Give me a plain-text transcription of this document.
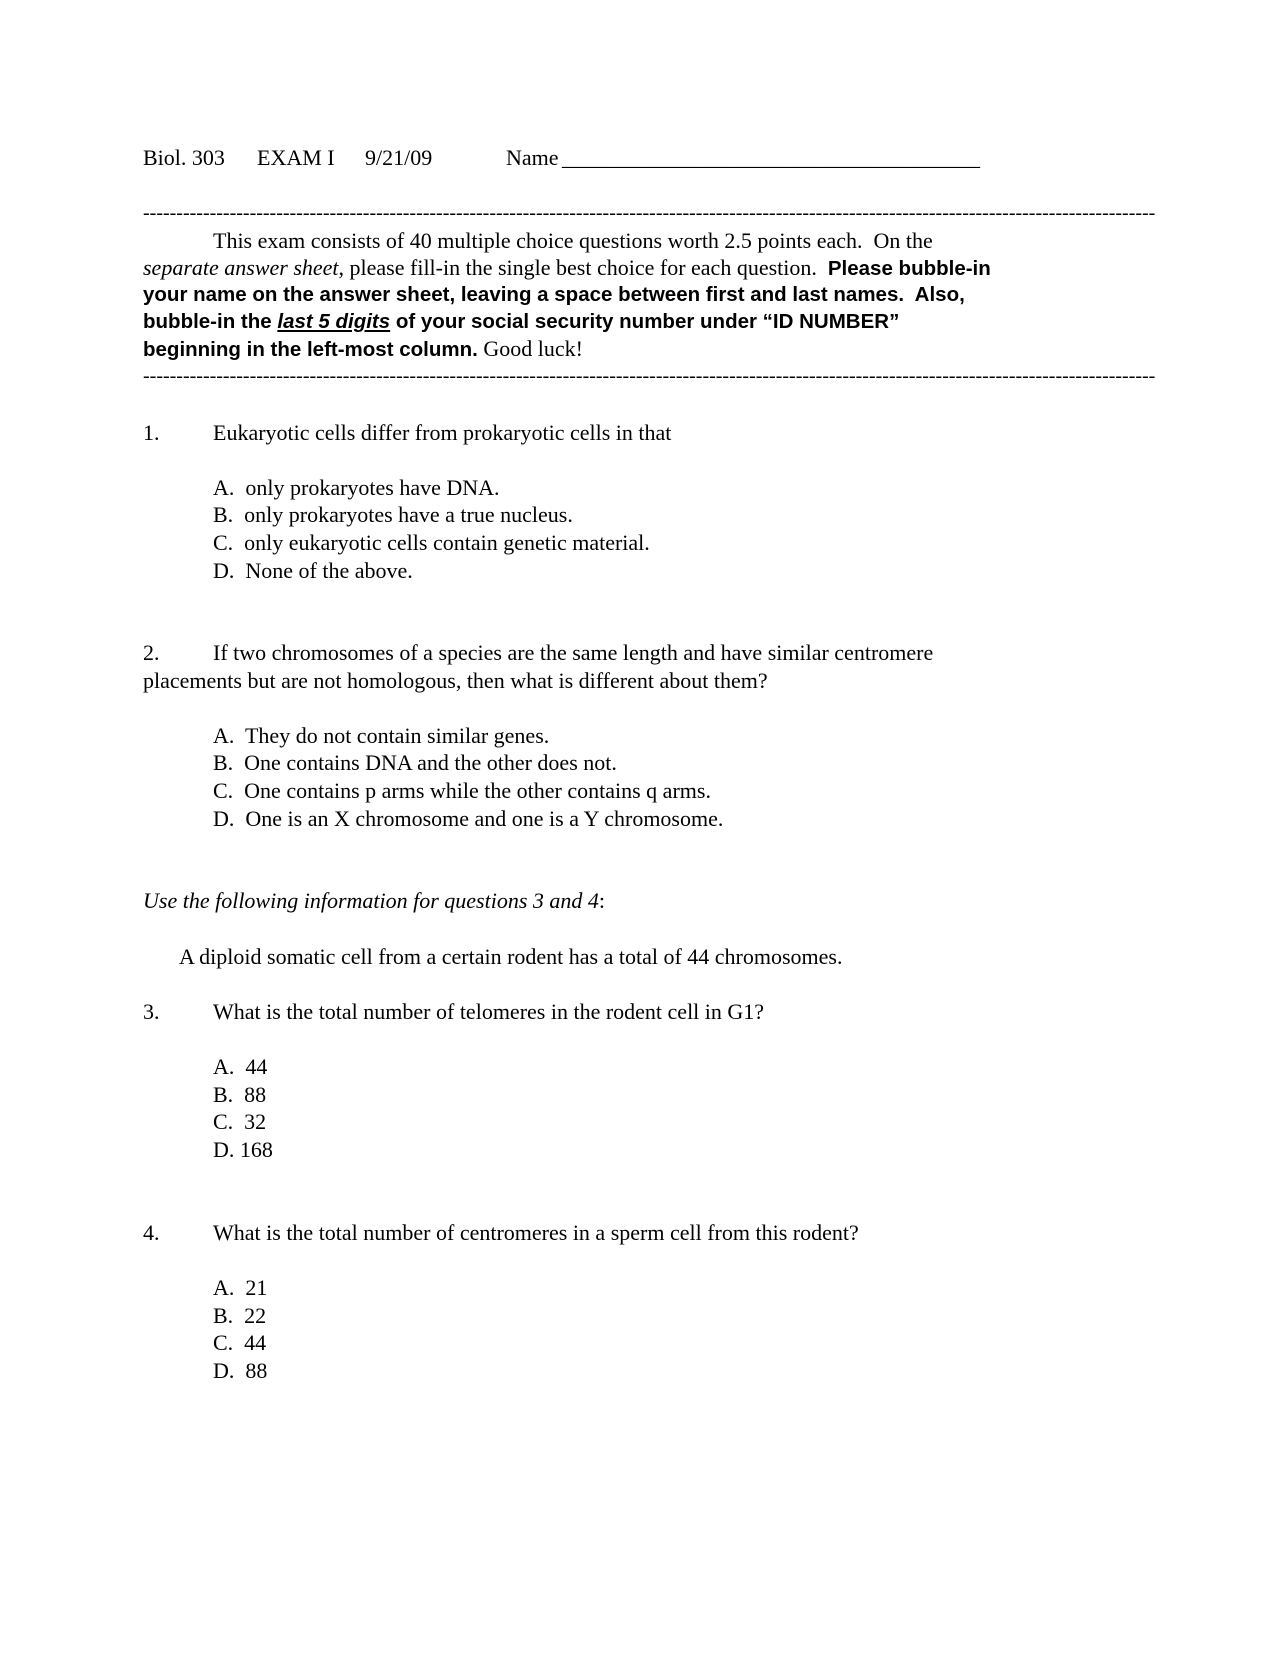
Biol. 303 EXAM I 9/21/09	Name ______________________________________
--------------------------------------------------------------------------------------------------------------------------------------------------------
This exam consists of 40 multiple choice questions worth 2.5 points each.  On the
separate answer sheet, please fill-in the single best choice for each question.  Please bubble-in
your name on the answer sheet, leaving a space between first and last names.  Also,
bubble-in the last 5 digits of your social security number under “ID NUMBER”
beginning in the left-most column. Good luck!
--------------------------------------------------------------------------------------------------------------------------------------------------------
1. Eukaryotic cells differ from prokaryotic cells in that
A.  only prokaryotes have DNA.
B.  only prokaryotes have a true nucleus.
C.  only eukaryotic cells contain genetic material.
D.  None of the above.
2. If two chromosomes of a species are the same length and have similar centromere
placements but are not homologous, then what is different about them?
A.  They do not contain similar genes.
B.  One contains DNA and the other does not.
C.  One contains p arms while the other contains q arms.
D.  One is an X chromosome and one is a Y chromosome.
Use the following information for questions 3 and 4:
A diploid somatic cell from a certain rodent has a total of 44 chromosomes.
3. What is the total number of telomeres in the rodent cell in G1?
A.  44
B.  88
C.  32
D. 168
4. What is the total number of centromeres in a sperm cell from this rodent?
A.  21
B.  22
C.  44
D.  88
